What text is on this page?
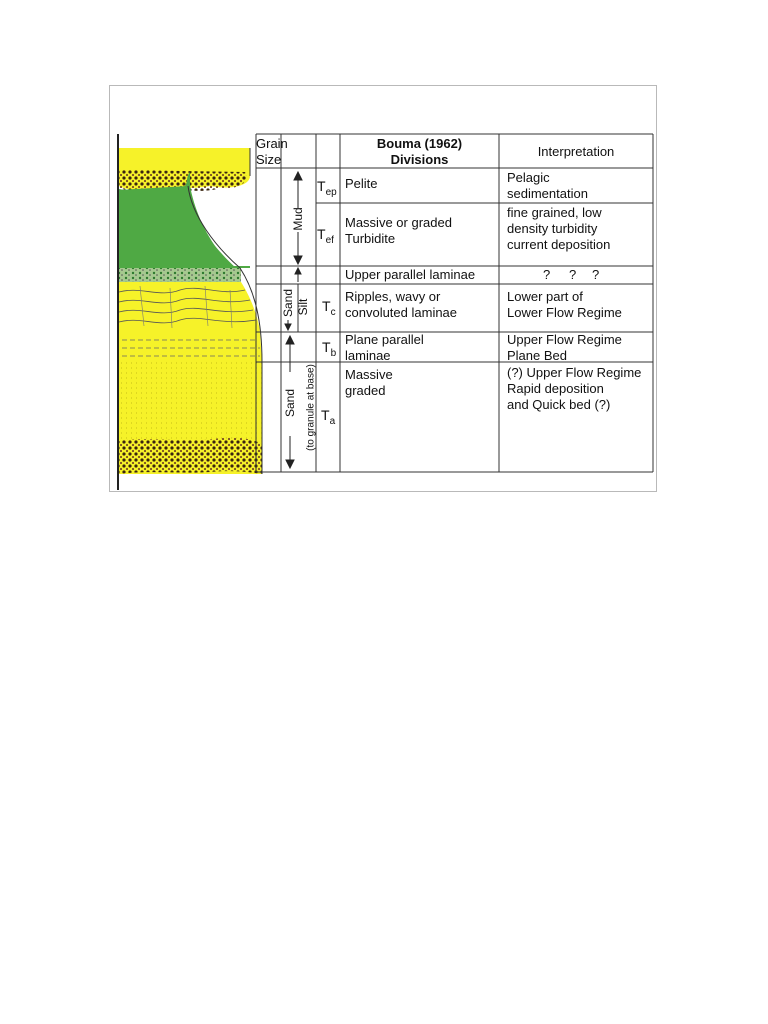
Grain
Size
Bouma (1962)
Divisions
Interpretation
Mud
Silt
Sand
Sand (to granule at base)
$T_{ep}$
Pelite	Pelagic
sedimentation
$T_{ef}$
Massive or graded
Turbidite
fine grained, low
density turbidity
current deposition
Upper parallel laminae	? ? ?
$T_c$
Ripples, wavy or
convoluted laminae
Lower part of
Lower Flow Regime
$T_b$
Plane parallel
laminae
Upper Flow Regime
Plane Bed
$T_a$
Massive
graded
(?) Upper Flow Regime
Rapid deposition
and Quick bed (?)
